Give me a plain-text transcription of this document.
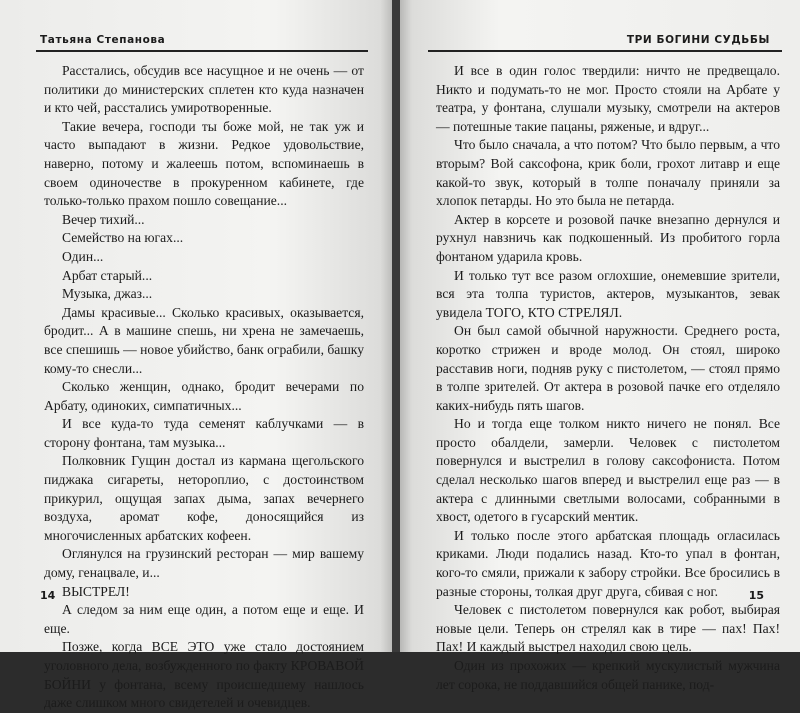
Татьяна Степанова

Расстались, обсудив все насущное и не очень — от политики до министерских сплетен кто куда назначен и кто чей, расстались умиротворенные.

Такие вечера, господи ты боже мой, не так уж и часто выпадают в жизни. Редкое удовольствие, наверно, потому и жалеешь потом, вспоминаешь в своем одиночестве в прокуренном кабинете, где только-только прахом пошло совещание...

Вечер тихий...

Семейство на югах...

Один...

Арбат старый...

Музыка, джаз...

Дамы красивые... Сколько красивых, оказывается, бродит... А в машине спешь, ни хрена не замечаешь, все спешишь — новое убийство, банк ограбили, башку кому-то снесли...

Сколько женщин, однако, бродит вечерами по Арбату, одиноких, симпатичных...

И все куда-то туда семенят каблучками — в сторону фонтана, там музыка...

Полковник Гущин достал из кармана щегольского пиджака сигареты, нетороплио, с достоинством прикурил, ощущая запах дыма, запах вечернего воздуха, аромат кофе, доносящийся из многочисленных арбатских кофеен.

Оглянулся на грузинский ресторан — мир вашему дому, генацвале, и...

ВЫСТРЕЛ!

А следом за ним еще один, а потом еще и еще. И еще.

Позже, когда ВСЕ ЭТО уже стало достоянием уголовного дела, возбужденного по факту КРОВАВОЙ БОЙНИ у фонтана, всему происшедшему нашлось даже слишком много свидетелей и очевидцев.

14
ТРИ БОГИНИ СУДЬБЫ

И все в один голос твердили: ничто не предвещало. Никто и подумать-то не мог. Просто стояли на Арбате у театра, у фонтана, слушали музыку, смотрели на актеров — потешные такие пацаны, ряженые, и вдруг...

Что было сначала, а что потом? Что было первым, а что вторым? Вой саксофона, крик боли, грохот литавр и еще какой-то звук, который в толпе поначалу приняли за хлопок петарды. Но это была не петарда.

Актер в корсете и розовой пачке внезапно дернулся и рухнул навзничь как подкошенный. Из пробитого горла фонтаном ударила кровь.

И только тут все разом оглохшие, онемевшие зрители, вся эта толпа туристов, актеров, музыкантов, зевак увидела ТОГО, КТО СТРЕЛЯЛ.

Он был самой обычной наружности. Среднего роста, коротко стрижен и вроде молод. Он стоял, широко расставив ноги, подняв руку с пистолетом, — стоял прямо в толпе зрителей. От актера в розовой пачке его отделяло каких-нибудь пять шагов.

Но и тогда еще толком никто ничего не понял. Все просто обалдели, замерли. Человек с пистолетом повернулся и выстрелил в голову саксофониста. Потом сделал несколько шагов вперед и выстрелил еще раз — в актера с длинными светлыми волосами, собранными в хвост, одетого в гусарский ментик.

И только после этого арбатская площадь огласилась криками. Люди подались назад. Кто-то упал в фонтан, кого-то смяли, прижали к забору стройки. Все бросились в разные стороны, толкая друг друга, сбивая с ног.

Человек с пистолетом повернулся как робот, выбирая новые цели. Теперь он стрелял как в тире — пах! Пах! Пах! И каждый выстрел находил свою цель.

Один из прохожих — крепкий мускулистый мужчина лет сорока, не поддавшийся общей панике, под-

15
